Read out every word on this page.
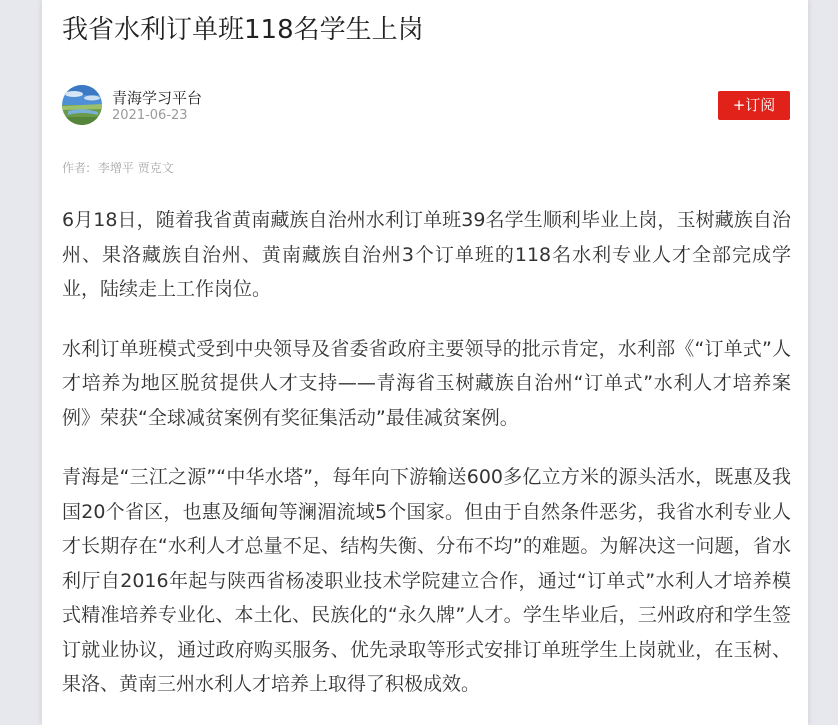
我省水利订单班118名学生上岗
青海学习平台
2021-06-23
+订阅
作者: 李增平 贾克文

6月18日，随着我省黄南藏族自治州水利订单班39名学生顺利毕业上岗，玉树藏族自治州、果洛藏族自治州、黄南藏族自治州3个订单班的118名水利专业人才全部完成学业，陆续走上工作岗位。

水利订单班模式受到中央领导及省委省政府主要领导的批示肯定，水利部《“订单式”人才培养为地区脱贫提供人才支持——青海省玉树藏族自治州“订单式”水利人才培养案例》荣获“全球减贫案例有奖征集活动”最佳减贫案例。

青海是“三江之源”“中华水塔”，每年向下游输送600多亿立方米的源头活水，既惠及我国20个省区，也惠及缅甸等澜湄流域5个国家。但由于自然条件恶劣，我省水利专业人才长期存在“水利人才总量不足、结构失衡、分布不均”的难题。为解决这一问题，省水利厅自2016年起与陕西省杨凌职业技术学院建立合作，通过“订单式”水利人才培养模式精准培养专业化、本土化、民族化的“永久牌”人才。学生毕业后，三州政府和学生签订就业协议，通过政府购买服务、优先录取等形式安排订单班学生上岗就业，在玉树、果洛、黄南三州水利人才培养上取得了积极成效。
